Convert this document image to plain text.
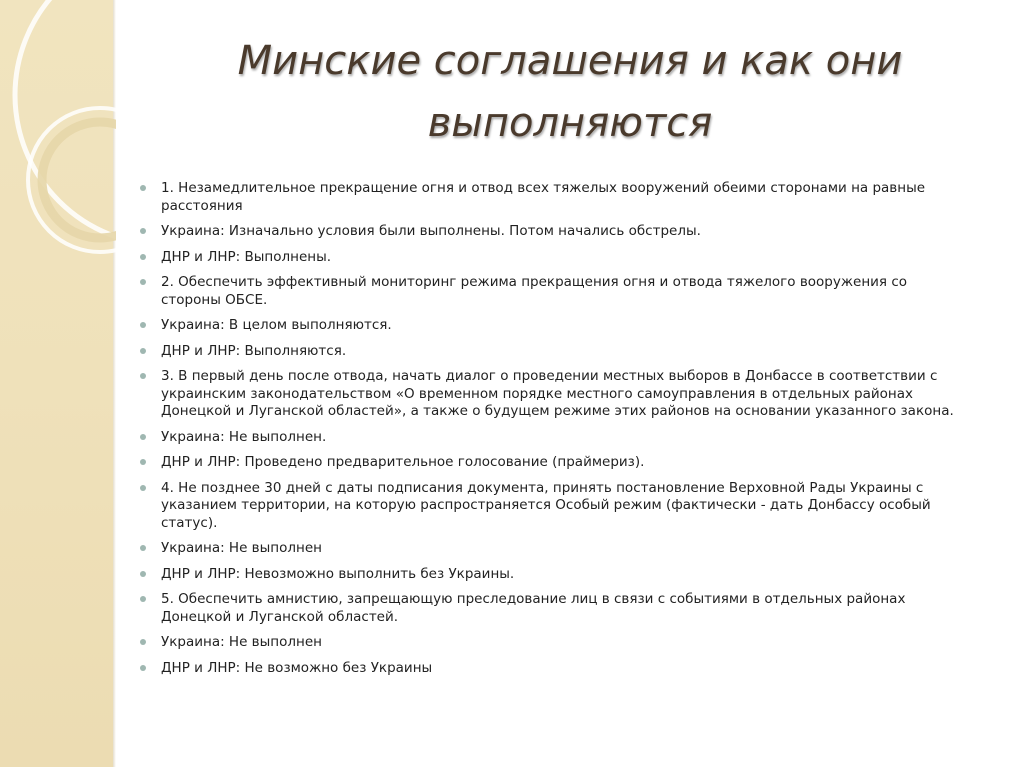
Минские соглашения и как они выполняются
1. Незамедлительное прекращение огня и отвод всех тяжелых вооружений обеими сторонами на равные расстояния
Украина: Изначально условия были выполнены. Потом начались обстрелы.
ДНР и ЛНР: Выполнены.
2. Обеспечить эффективный мониторинг режима прекращения огня и отвода тяжелого вооружения со стороны ОБСЕ.
Украина: В целом выполняются.
ДНР и ЛНР: Выполняются.
3. В первый день после отвода, начать диалог о проведении местных выборов в Донбассе в соответствии с украинским законодательством «О временном порядке местного самоуправления в отдельных районах Донецкой и Луганской областей», а также о будущем режиме этих районов на основании указанного закона.
Украина: Не выполнен.
ДНР и ЛНР: Проведено предварительное голосование (праймериз).
4. Не позднее 30 дней с даты подписания документа, принять постановление Верховной Рады Украины с указанием территории, на которую распространяется Особый режим (фактически - дать Донбассу особый статус).
Украина: Не выполнен
ДНР и ЛНР: Невозможно выполнить без Украины.
5. Обеспечить амнистию, запрещающую преследование лиц в связи с событиями в отдельных районах Донецкой и Луганской областей.
Украина: Не выполнен
ДНР и ЛНР: Не возможно без Украины
